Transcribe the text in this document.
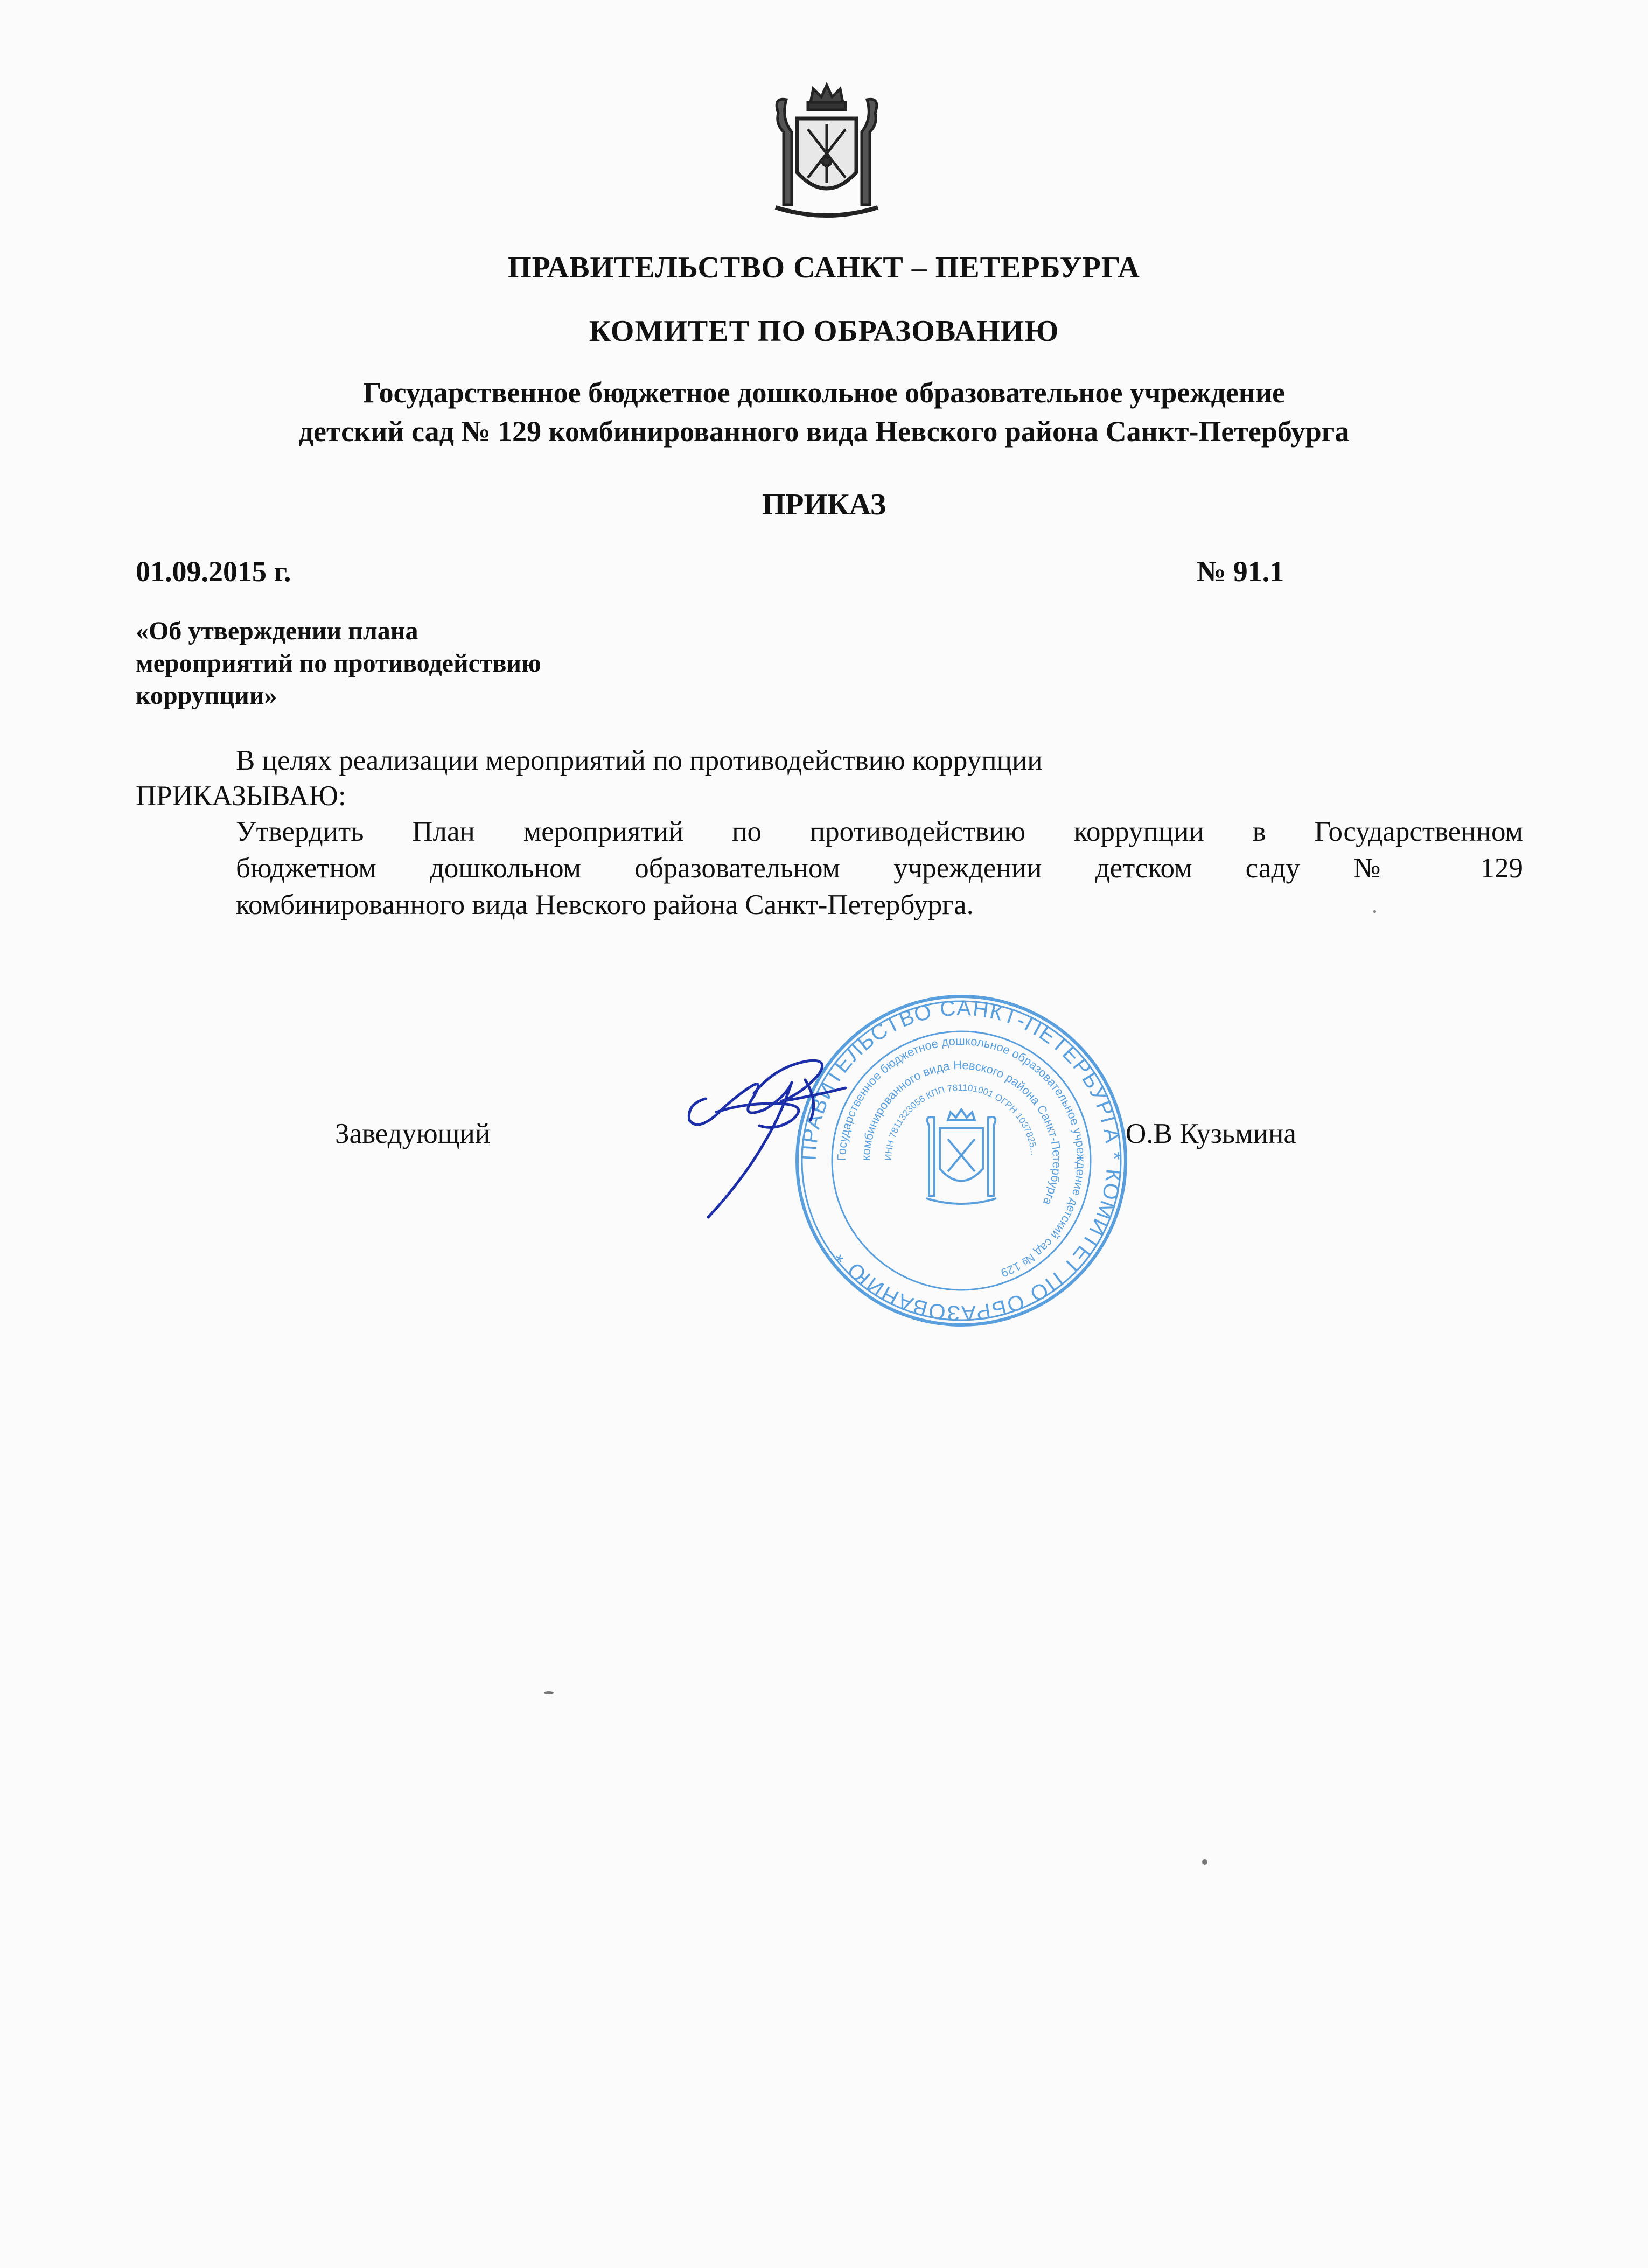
ПРАВИТЕЛЬСТВО САНКТ – ПЕТЕРБУРГА
КОМИТЕТ ПО ОБРАЗОВАНИЮ
Государственное бюджетное дошкольное образовательное учреждение
детский сад № 129 комбинированного вида Невского района Санкт-Петербурга
ПРИКАЗ
01.09.2015 г.	№ 91.1
«Об утверждении плана
мероприятий по противодействию
коррупции»
В целях реализации мероприятий по противодействию коррупции
ПРИКАЗЫВАЮ:
Утвердить План мероприятий по противодействию коррупции в Государственном
бюджетном дошкольном образовательном учреждении детском саду № 129
комбинированного вида Невского района Санкт-Петербурга.
Заведующий	О.В Кузьмина
ПРАВИТЕЛЬСТВО САНКТ-ПЕТЕРБУРГА * КОМИТЕТ ПО ОБРАЗОВАНИЮ *
Государственное бюджетное дошкольное образовательное учреждение детский сад № 129
комбинированного вида Невского района Санкт-Петербурга
ИНН 7811323056 КПП 781101001 ОГРН 1037825...
